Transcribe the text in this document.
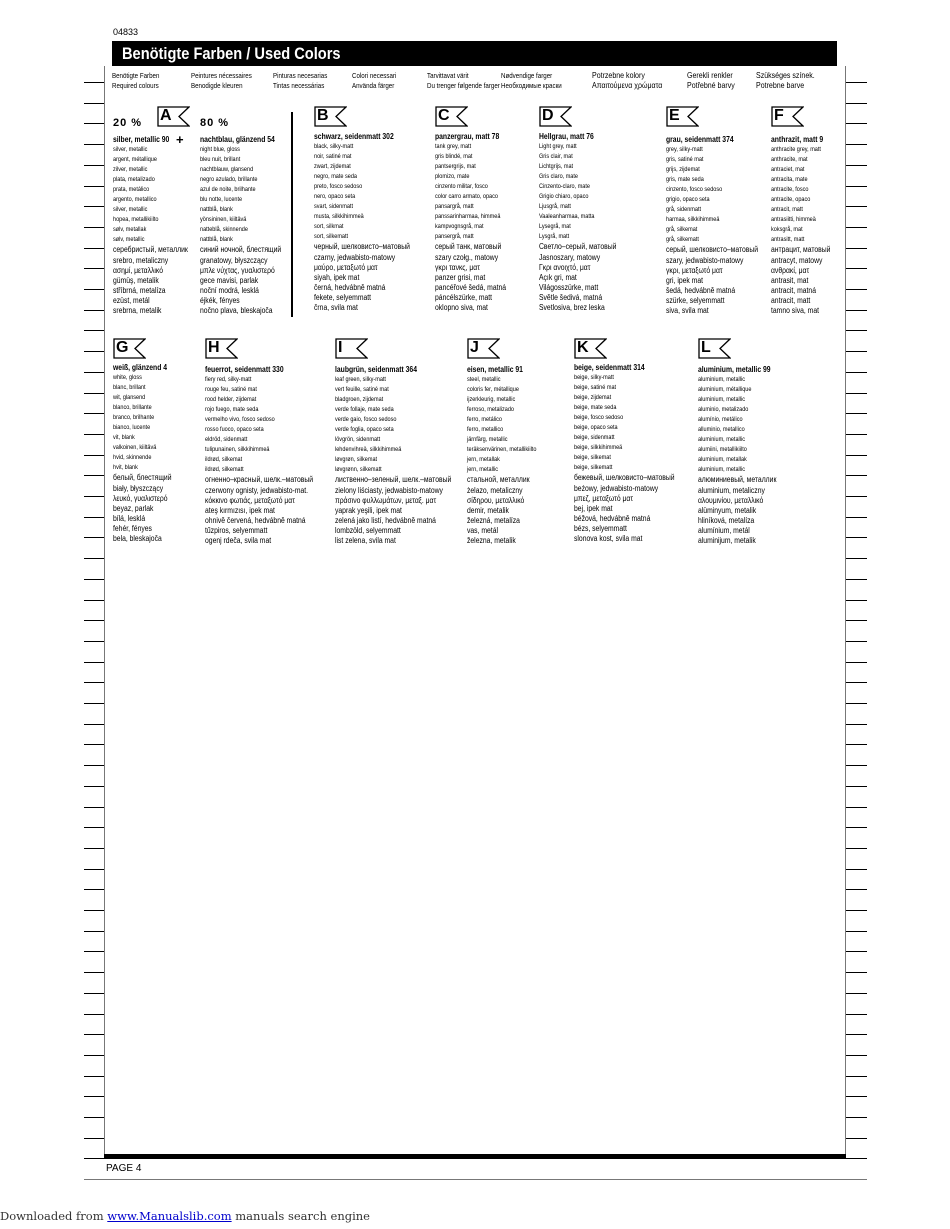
04833
Benötigte Farben / Used Colors
Benötigte Farben
Required colours
Peintures nécessaires
Benodigde kleuren
Pinturas necesarias
Tintas necessárias
Colori necessari
Använda färger
Tarvittavat värit
Du trenger følgende farger
Nødvendige farger
Необходимые краски
Potrzebne kolory
Απαιτούμενα χρώματα
Gerekli renkler
Potřebné barvy
Szükséges színek.
Potrebne barve
20 %	80 %
+
A
silber, metallic 90
silver, metallic
argent, métallique
zilver, metallic
plata, metalizado
prata, metálico
argento, metallico
silver, metallic
hopea, metallikiilto
sølv, metallak
sølv, metallic
серебристый, металлик
srebro, metaliczny
ασημί, μεταλλικό
gümüş, metalik
stříbrná, metalíza
ezüst, metál
srebrna, metalik
nachtblau, glänzend 54
night blue, gloss
bleu nuit, brillant
nachtblauw, glansend
negro azulado, brillante
azul de noite, brilhante
blu notte, lucente
nattblå, blank
yönsininen, kiiltävä
natteblå, skinnende
nattblå, blank
синий ночной, блестящий
granatowy, błyszczący
μπλε νύχτας, γυαλιστερό
gece mavisi, parlak
noční modrá, lesklá
éjkék, fényes
nočno plava, bleskajoča
B
schwarz, seidenmatt 302
black, silky-matt
noir, satiné mat
zwart, zijdemat
negro, mate seda
preto, fosco sedoso
nero, opaco seta
svart, sidenmatt
musta, silkkihimmeä
sort, silkmat
sort, silkematt
черный, шелковисто–матовый
czarny, jedwabisto-matowy
μαύρο, μεταξωτό ματ
siyah, ipek mat
černá, hedvábně matná
fekete, selyemmatt
črna, svila mat
C
panzergrau, matt 78
tank grey, matt
gris blindé, mat
pantsergrijs, mat
plomizo, mate
cinzento militar, fosco
color carro armato, opaco
pansargrå, matt
panssarinharmaa, himmeä
kampvognsgrå, mat
pansergrå, matt
серый танк, матовый
szary czołg., matowy
γκρι τανκς, ματ
panzer grisi, mat
pancéřové šedá, matná
páncélszürke, matt
oklopno siva, mat
D
Hellgrau, matt 76
Light grey, matt
Gris clair, mat
Lichtgrijs, mat
Gris claro, mate
Cinzento-claro, mate
Grigio chiaro, opaco
Ljusgrå, matt
Vaaleanharmaa, matta
Lysegrå, mat
Lysgrå, matt
Светло–серый, матовый
Jasnoszary, matowy
Γκρι ανοιχτό, ματ
Açık gri, mat
Világosszürke, matt
Světle šedivá, matná
Svetlosiva, brez leska
E
grau, seidenmatt 374
grey, silky-matt
gris, satiné mat
grijs, zijdemat
gris, mate seda
cinzento, fosco sedoso
grigio, opaco seta
grå, sidenmatt
harmaa, silkkihimmeä
grå, silkemat
grå, silkematt
серый, шелковисто–матовый
szary, jedwabisto-matowy
γκρι, μεταξωτό ματ
gri, ipek mat
šedá, hedvábně matná
szürke, selyemmatt
siva, svila mat
F
anthrazit, matt 9
anthracite grey, matt
anthracite, mat
antraciet, mat
antracita, mate
antracite, fosco
antracite, opaco
antracit, matt
antrasiitti, himmeä
koksgrå, mat
antrasitt, matt
антрацит, матовый
antracyt, matowy
ανθρακί, ματ
antrasit, mat
antracit, matná
antracit, matt
tamno siva, mat
G
weiß, glänzend 4
white, gloss
blanc, brillant
wit, glansend
blanco, brillante
branco, brilhante
bianco, lucente
vit, blank
valkoinen, kiiltävä
hvid, skinnende
hvit, blank
белый, блестящий
biały, błyszczący
λευκό, γυαλιστερό
beyaz, parlak
bílá, lesklá
fehér, fényes
bela, bleskajoča
H
feuerrot, seidenmatt 330
fiery red, silky-matt
rouge feu, satiné mat
rood helder, zijdemat
rojo fuego, mate seda
vermelho vivo, fosco sedoso
rosso fuoco, opaco seta
eldröd, sidenmatt
tulipunainen, silkkihimmeä
ildrød, silkemat
ildrød, silkematt
огненно–красный, шелк.–матовый
czerwony ognisty, jedwabisto-mat.
κόκκινο φωτιάς, μεταξωτό ματ
ateş kırmızısı, ipek mat
ohnivě červená, hedvábně matná
tűzpiros, selyemmatt
ogenj rdeča, svila mat
I
laubgrün, seidenmatt 364
leaf green, silky-matt
vert feuille, satiné mat
bladgroen, zijdemat
verde follaje, mate seda
verde gaio, fosco sedoso
verde foglia, opaco seta
lövgrön, sidenmatt
lehdenvihreä, silkkihimmeä
løvgrøn, silkemat
løvgrønn, silkematt
лиственно–зеленый, шелк.–матовый
zielony liściasty, jedwabisto-matowy
πράσινο φυλλωμάτων, μεταξ. ματ
yaprak yeşili, ipek mat
zelená jako listí, hedvábně matná
lombzöld, selyemmatt
list zelena, svila mat
J
eisen, metallic 91
steel, metallic
coloris fer, métallique
ijzerkleurig, metallic
ferroso, metalizado
ferro, metálico
ferro, metallico
järnfärg, metallic
teräksenvärinen, metallikiilto
jern, metallak
jern, metallic
стальной, металлик
żelazo, metaliczny
σίδηρου, μεταλλικό
demir, metalik
železná, metalíza
vas, metál
železna, metalik
K
beige, seidenmatt 314
beige, silky-matt
beige, satiné mat
beige, zijdemat
beige, mate seda
beige, fosco sedoso
beige, opaco seta
beige, sidenmatt
beige, silkkihimmeä
beige, silkemat
beige, silkematt
бежевый, шелковисто–матовый
beżowy, jedwabisto-matowy
μπεζ, μεταξωτό ματ
bej, ipek mat
béžová, hedvábně matná
bézs, selyemmatt
slonova kost, svila mat
L
aluminium, metallic 99
aluminium, metallic
aluminium, métallique
aluminium, metallic
aluminio, metalizado
alumínio, metálico
alluminio, metallico
aluminium, metallic
alumiini, metallikiilto
aluminium, metallak
aluminium, metallic
алюминиевый, металлик
aluminium, metaliczny
αλουμινίου, μεταλλικό
alüminyum, metalik
hliníková, metalíza
alumínium, metál
aluminijum, metalik
PAGE 4
Downloaded from www.Manualslib.com manuals search engine
